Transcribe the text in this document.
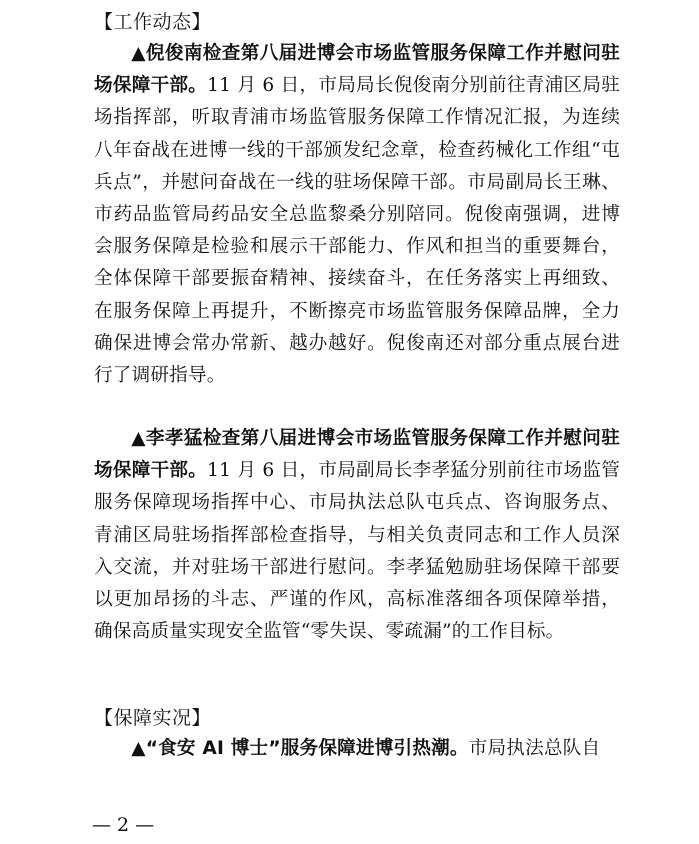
【工作动态】
▲倪俊南检查第八届进博会市场监管服务保障工作并慰问驻场保障干部。11 月 6 日，市局局长倪俊南分别前往青浦区局驻场指挥部，听取青浦市场监管服务保障工作情况汇报，为连续八年奋战在进博一线的干部颁发纪念章，检查药械化工作组“屯兵点”，并慰问奋战在一线的驻场保障干部。市局副局长王琳、市药品监管局药品安全总监黎桑分别陪同。倪俊南强调，进博会服务保障是检验和展示干部能力、作风和担当的重要舞台，全体保障干部要振奋精神、接续奋斗，在任务落实上再细致、在服务保障上再提升，不断擦亮市场监管服务保障品牌，全力确保进博会常办常新、越办越好。倪俊南还对部分重点展台进行了调研指导。
▲李孝猛检查第八届进博会市场监管服务保障工作并慰问驻场保障干部。11 月 6 日，市局副局长李孝猛分别前往市场监管服务保障现场指挥中心、市局执法总队屯兵点、咨询服务点、青浦区局驻场指挥部检查指导，与相关负责同志和工作人员深入交流，并对驻场干部进行慰问。李孝猛勉励驻场保障干部要以更加昂扬的斗志、严谨的作风，高标准落细各项保障举措，确保高质量实现安全监管“零失误、零疏漏”的工作目标。
【保障实况】
▲“食安 AI 博士”服务保障进博引热潮。市局执法总队自
— 2 —
